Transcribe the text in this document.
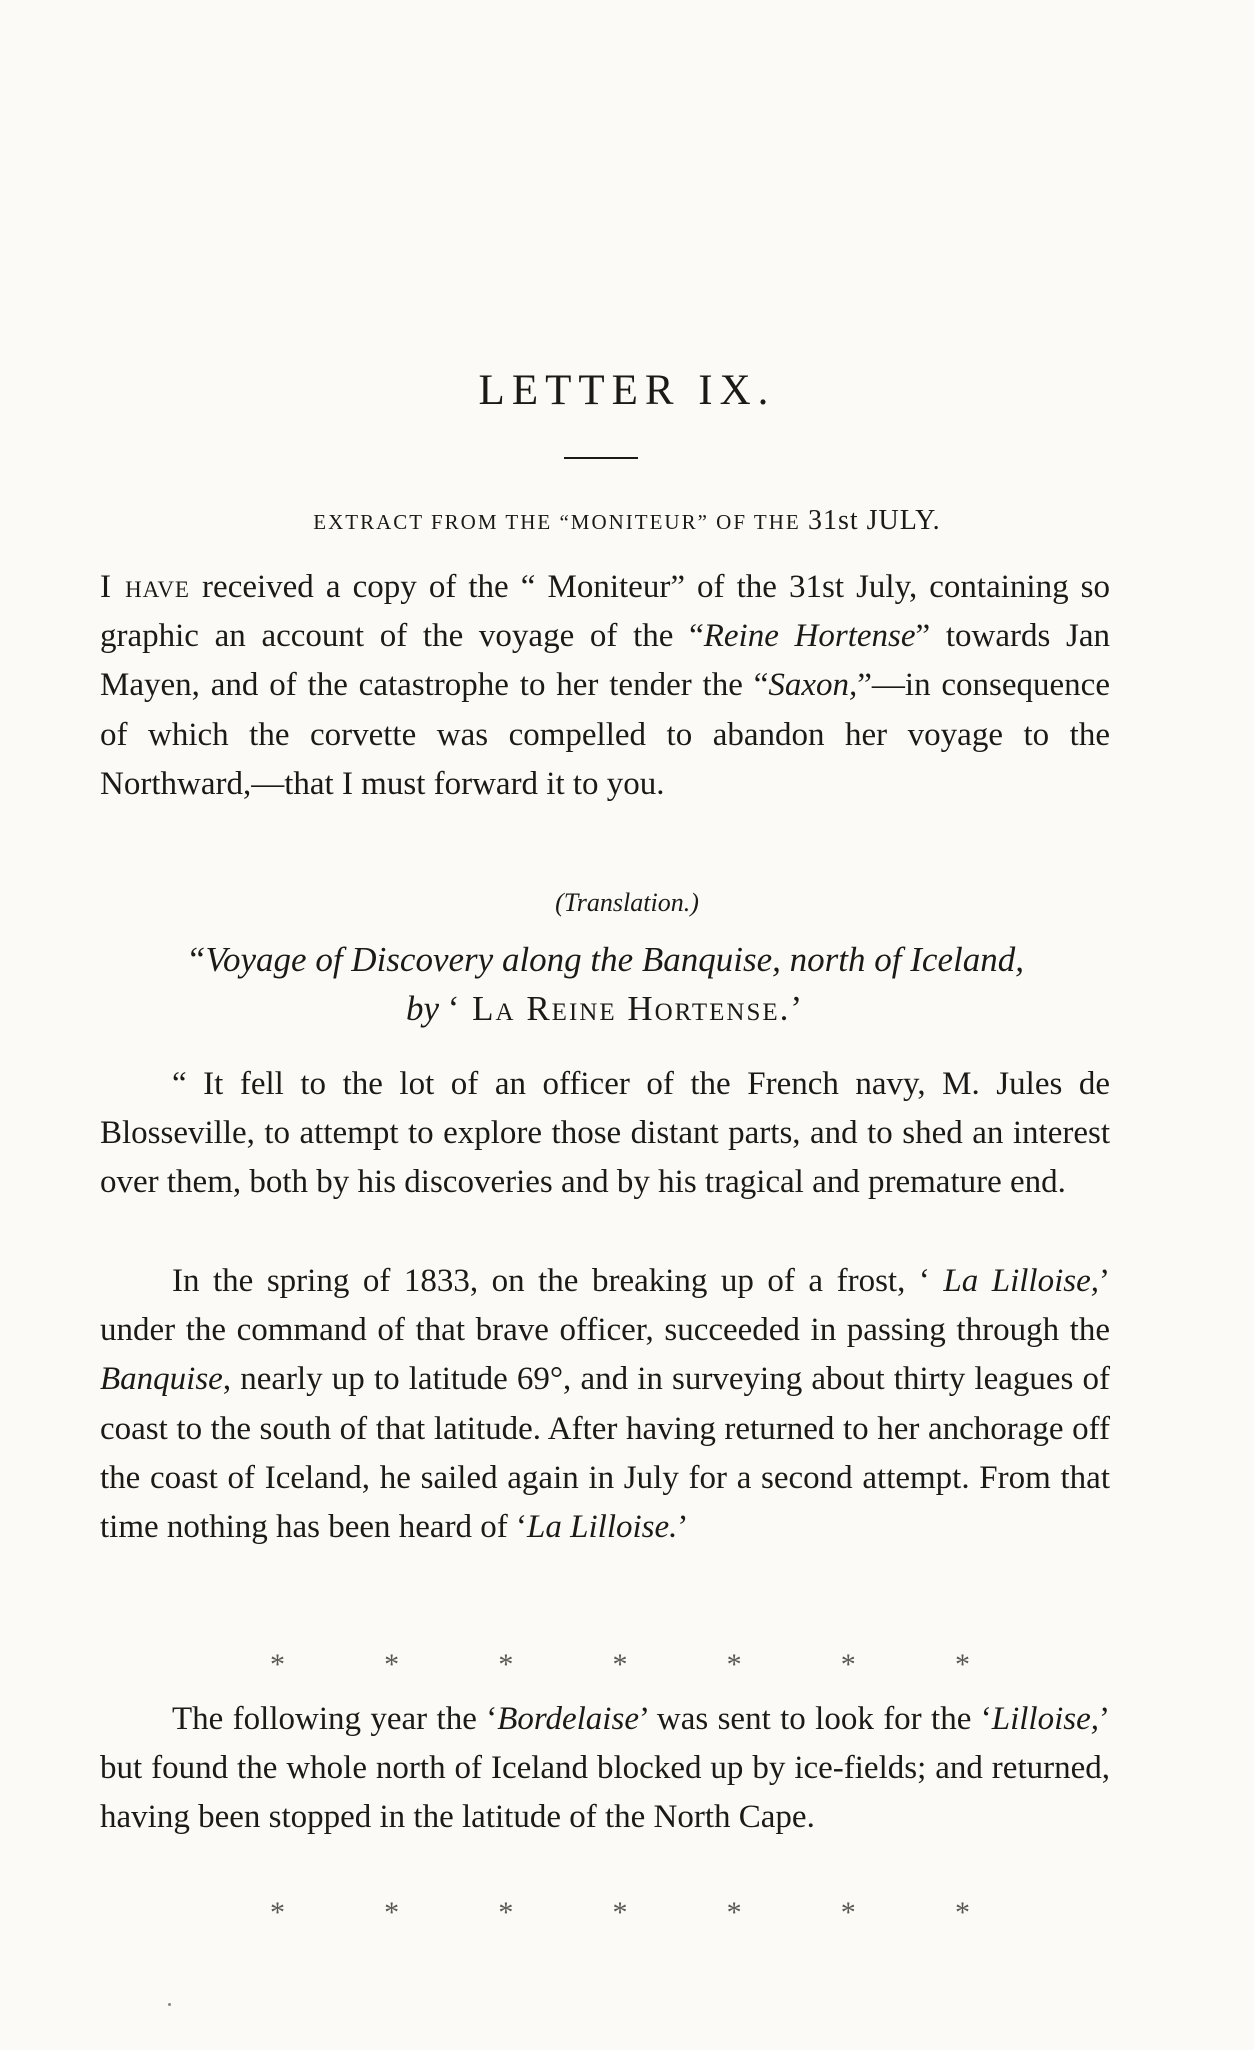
LETTER IX.
EXTRACT FROM THE “MONITEUR” OF THE 31st JULY.
I have received a copy of the “ Moniteur” of the 31st July, containing so graphic an account of the voyage of the “Reine Hortense” towards Jan Mayen, and of the catastrophe to her tender the “Saxon,”—in consequence of which the corvette was compelled to abandon her voyage to the Northward,—that I must forward it to you.
(Translation.)
“Voyage of Discovery along the Banquise, north of Iceland,
by ‘ La Reine Hortense.’
“ It fell to the lot of an officer of the French navy, M. Jules de Blosseville, to attempt to explore those distant parts, and to shed an interest over them, both by his discoveries and by his tragical and premature end.
In the spring of 1833, on the breaking up of a frost, ‘ La Lilloise,’ under the command of that brave officer, succeeded in passing through the Banquise, nearly up to latitude 69°, and in surveying about thirty leagues of coast to the south of that latitude. After having returned to her anchorage off the coast of Iceland, he sailed again in July for a second attempt. From that time nothing has been heard of ‘La Lilloise.’
*	*	*	*	*	*	*
The following year the ‘Bordelaise’ was sent to look for the ‘Lilloise,’ but found the whole north of Iceland blocked up by ice-fields; and returned, having been stopped in the latitude of the North Cape.
*	*	*	*	*	*	*
